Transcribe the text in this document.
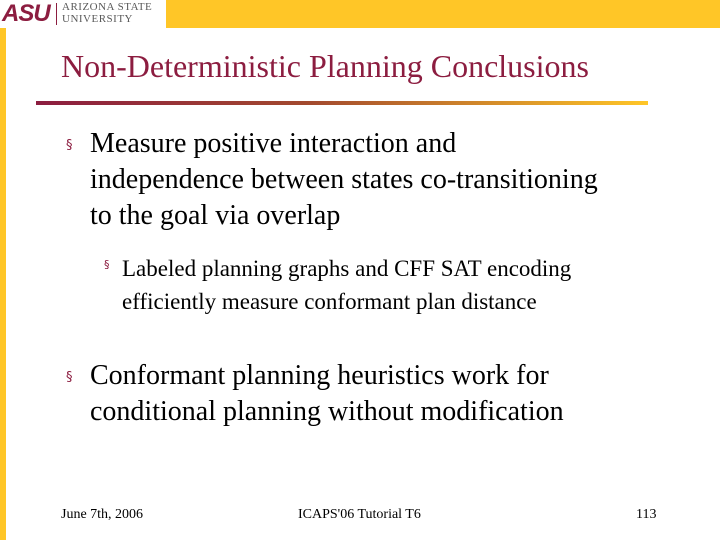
ASU ARIZONA STATE
UNIVERSITY
Non-Deterministic Planning Conclusions
§ Measure positive interaction and independence between states co-transitioning to the goal via overlap
§ Labeled planning graphs and CFF SAT encoding efficiently measure conformant plan distance
§ Conformant planning heuristics work for conditional planning without modification
June 7th, 2006	ICAPS'06 Tutorial T6	113
